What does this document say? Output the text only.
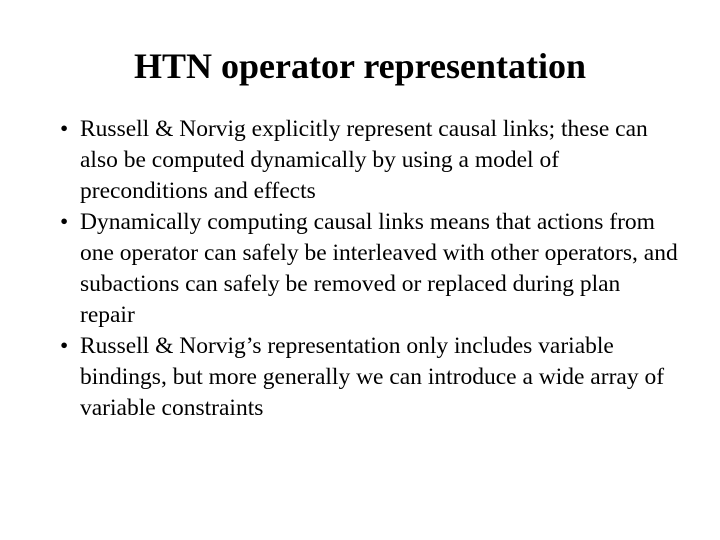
HTN operator representation
• Russell & Norvig explicitly represent causal links; these can also be computed dynamically by using a model of preconditions and effects
• Dynamically computing causal links means that actions from one operator can safely be interleaved with other operators, and subactions can safely be removed or replaced during plan repair
• Russell & Norvig’s representation only includes variable bindings, but more generally we can introduce a wide array of variable constraints
